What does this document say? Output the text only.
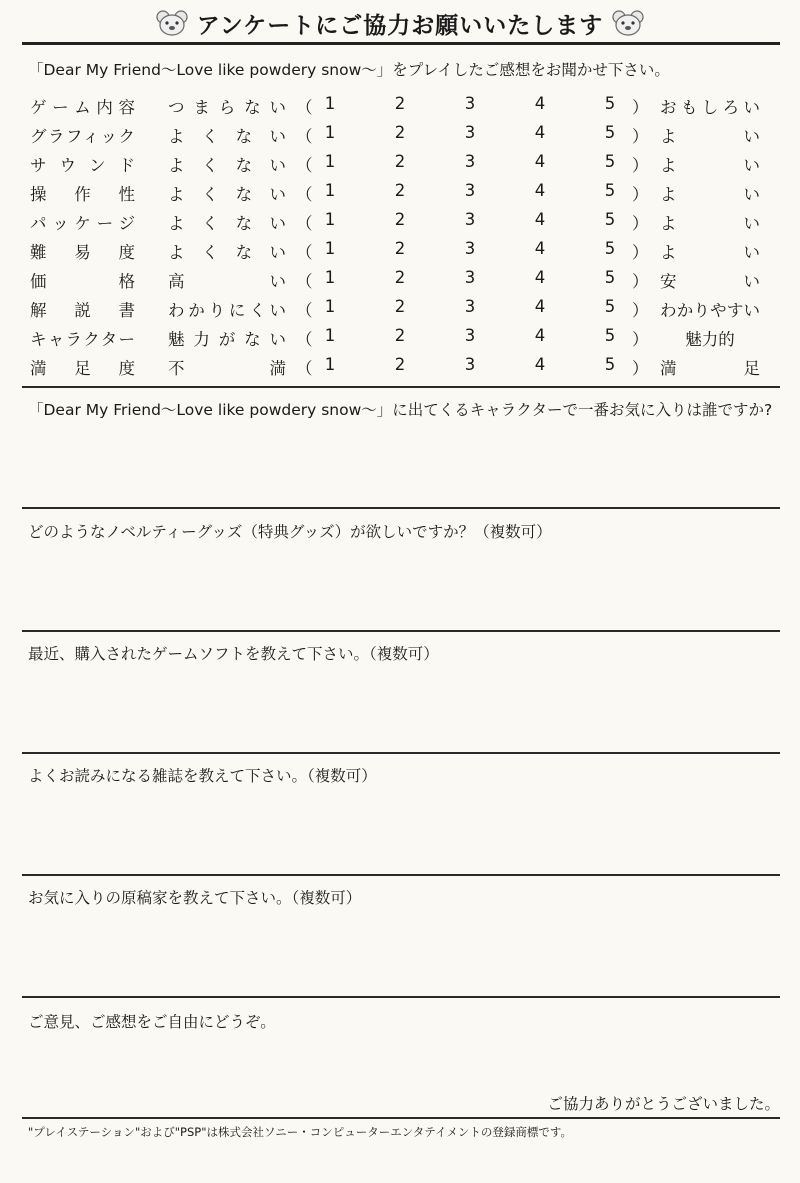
アンケートにご協力お願いいたします
「Dear My Friend〜Love like powdery snow〜」をプレイしたご感想をお聞かせ下さい。
ゲーム内容 つまらない （ 1	2	3	4	5 ） おもしろい
グラフィック よくない （ 1	2	3	4	5 ） よ　い
サウンド よくない （ 1	2	3	4	5 ） よ　い
操作性 よくない （ 1	2	3	4	5 ） よ　い
パッケージ よくない （ 1	2	3	4	5 ） よ　い
難易度 よくない （ 1	2	3	4	5 ） よ　い
価格 高い （ 1	2	3	4	5 ） 安　い
解説書 わかりにくい （ 1	2	3	4	5 ） わかりやすい
キャラクター 魅力がない （ 1	2	3	4	5 ）	魅力的
満足度 不満 （ 1	2	3	4	5 ） 満　足
「Dear My Friend〜Love like powdery snow〜」に出てくるキャラクターで一番お気に入りは誰ですか?
どのようなノベルティーグッズ（特典グッズ）が欲しいですか？（複数可）
最近、購入されたゲームソフトを教えて下さい。（複数可）
よくお読みになる雑誌を教えて下さい。（複数可）
お気に入りの原稿家を教えて下さい。（複数可）
ご意見、ご感想をご自由にどうぞ。
ご協力ありがとうございました。
"プレイステーション"および"PSP"は株式会社ソニー・コンピューターエンタテイメントの登録商標です。
